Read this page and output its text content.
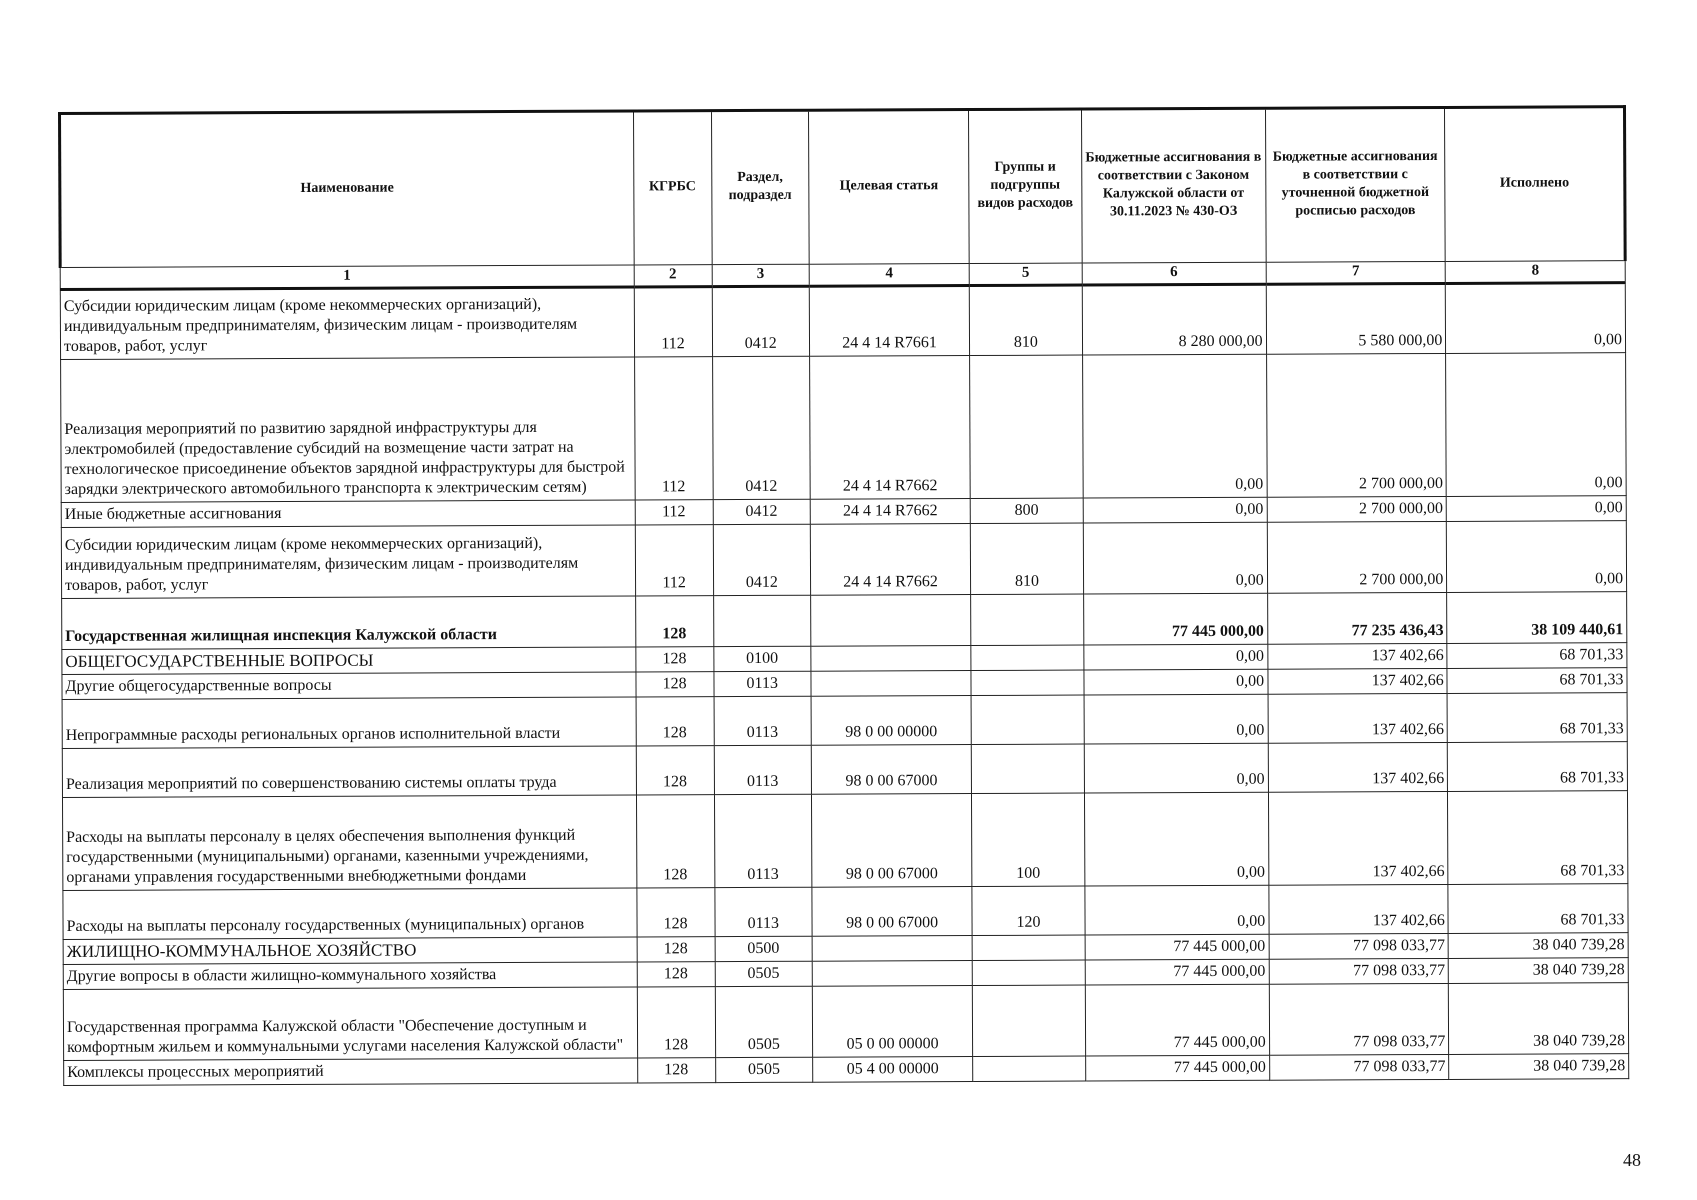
Наименование	КГРБС	Раздел, подраздел	Целевая статья	Группы и подгруппы видов расходов	Бюджетные ассигнования в соответствии с Законом Калужской области от 30.11.2023 № 430-ОЗ	Бюджетные ассигнования в соответствии с уточненной бюджетной росписью расходов	Исполнено
1	2	3	4	5	6	7	8
Субсидии юридическим лицам (кроме некоммерческих организаций), индивидуальным предпринимателям, физическим лицам - производителям товаров, работ, услуг	112	0412	24 4 14 R7661	810	8 280 000,00	5 580 000,00	0,00
Реализация мероприятий по развитию зарядной инфраструктуры для электромобилей (предоставление субсидий на возмещение части затрат на технологическое присоединение объектов зарядной инфраструктуры для быстрой зарядки электрического автомобильного транспорта к электрическим сетям)	112	0412	24 4 14 R7662		0,00	2 700 000,00	0,00
Иные бюджетные ассигнования	112	0412	24 4 14 R7662	800	0,00	2 700 000,00	0,00
Субсидии юридическим лицам (кроме некоммерческих организаций), индивидуальным предпринимателям, физическим лицам - производителям товаров, работ, услуг	112	0412	24 4 14 R7662	810	0,00	2 700 000,00	0,00
Государственная жилищная инспекция Калужской области	128				77 445 000,00	77 235 436,43	38 109 440,61
ОБЩЕГОСУДАРСТВЕННЫЕ ВОПРОСЫ	128	0100			0,00	137 402,66	68 701,33
Другие общегосударственные вопросы	128	0113			0,00	137 402,66	68 701,33
Непрограммные расходы региональных органов исполнительной власти	128	0113	98 0 00 00000		0,00	137 402,66	68 701,33
Реализация мероприятий по совершенствованию системы оплаты труда	128	0113	98 0 00 67000		0,00	137 402,66	68 701,33
Расходы на выплаты персоналу в целях обеспечения выполнения функций государственными (муниципальными) органами, казенными учреждениями, органами управления государственными внебюджетными фондами	128	0113	98 0 00 67000	100	0,00	137 402,66	68 701,33
Расходы на выплаты персоналу государственных (муниципальных) органов	128	0113	98 0 00 67000	120	0,00	137 402,66	68 701,33
ЖИЛИЩНО-КОММУНАЛЬНОЕ ХОЗЯЙСТВО	128	0500			77 445 000,00	77 098 033,77	38 040 739,28
Другие вопросы в области жилищно-коммунального хозяйства	128	0505			77 445 000,00	77 098 033,77	38 040 739,28
Государственная программа Калужской области "Обеспечение доступным и комфортным жильем и коммунальными услугами населения Калужской области"	128	0505	05 0 00 00000		77 445 000,00	77 098 033,77	38 040 739,28
Комплексы процессных мероприятий	128	0505	05 4 00 00000		77 445 000,00	77 098 033,77	38 040 739,28
48
